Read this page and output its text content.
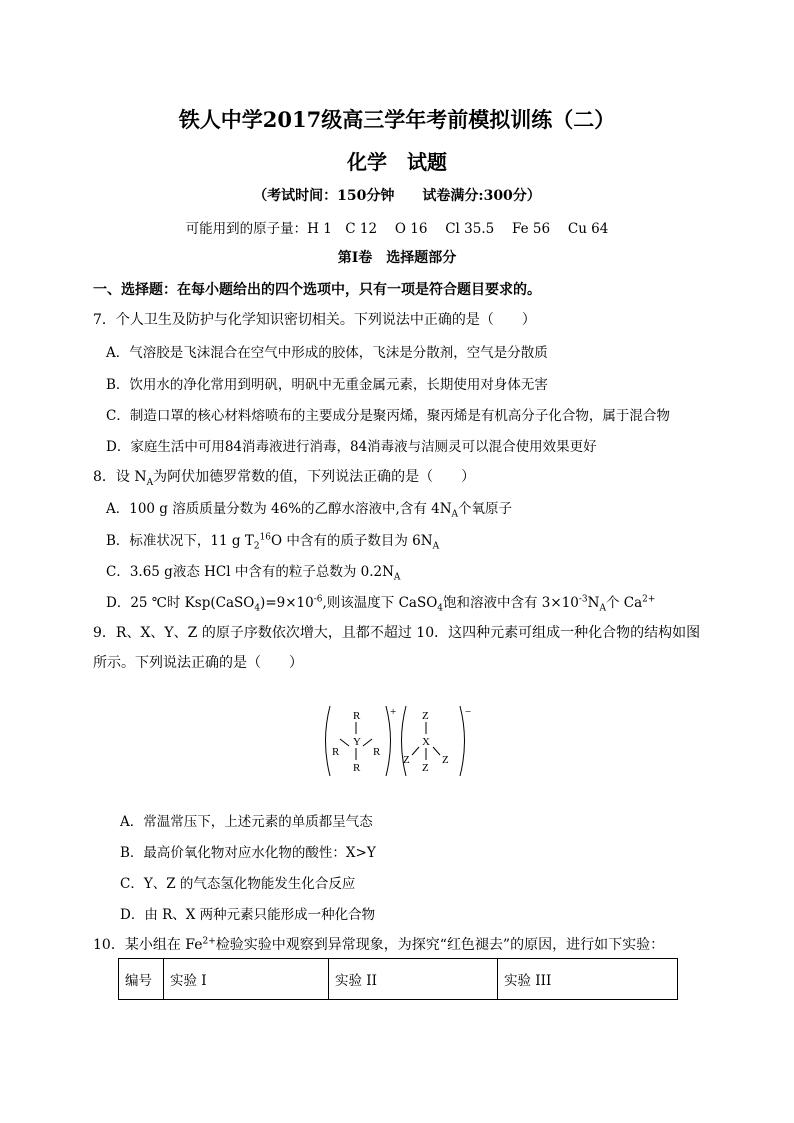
铁人中学2017级高三学年考前模拟训练（二）
化学　试题
（考试时间：150分钟　　试卷满分:300分）
可能用到的原子量：H 1　C 12　 O 16　 Cl 35.5　 Fe 56　 Cu 64
第Ⅰ卷　选择题部分
一、选择题：在每小题给出的四个选项中，只有一项是符合题目要求的。
7．个人卫生及防护与化学知识密切相关。下列说法中正确的是（　　）
A．气溶胶是飞沫混合在空气中形成的胶体，飞沫是分散剂，空气是分散质
B．饮用水的净化常用到明矾，明矾中无重金属元素，长期使用对身体无害
C．制造口罩的核心材料熔喷布的主要成分是聚丙烯，聚丙烯是有机高分子化合物，属于混合物
D．家庭生活中可用84消毒液进行消毒，84消毒液与洁厕灵可以混合使用效果更好
8．设 $N_A$为阿伏加德罗常数的值，下列说法正确的是（　　）
A．100 g 溶质质量分数为 46%的乙醇水溶液中,含有 $4N_A$个氧原子
B．标准状况下，11 g $T_2^{16}O$ 中含有的质子数目为 $6N_A$
C．3.65 g液态 HCl 中含有的粒子总数为 $0.2N_A$
D．25 ℃时 $Ksp(CaSO_4)=9\times 10^{-6}$,则该温度下 CaSO$_4$饱和溶液中含有 $3\times 10^{-3}N_A$个 $Ca^{2+}$
9．R、X、Y、Z 的原子序数依次增大，且都不超过 10．这四种元素可组成一种化合物的结构如图
所示。下列说法正确的是（　　）
+
R
Y
R
R	R
−
Z
X
Z
Z	Z
A．常温常压下，上述元素的单质都呈气态
B．最高价氧化物对应水化物的酸性：X>Y
C．Y、Z 的气态氢化物能发生化合反应
D．由 R、X 两种元素只能形成一种化合物
10．某小组在 $Fe^{2+}$检验实验中观察到异常现象，为探究“红色褪去”的原因，进行如下实验：
编号	实验 I	实验 II	实验 III
